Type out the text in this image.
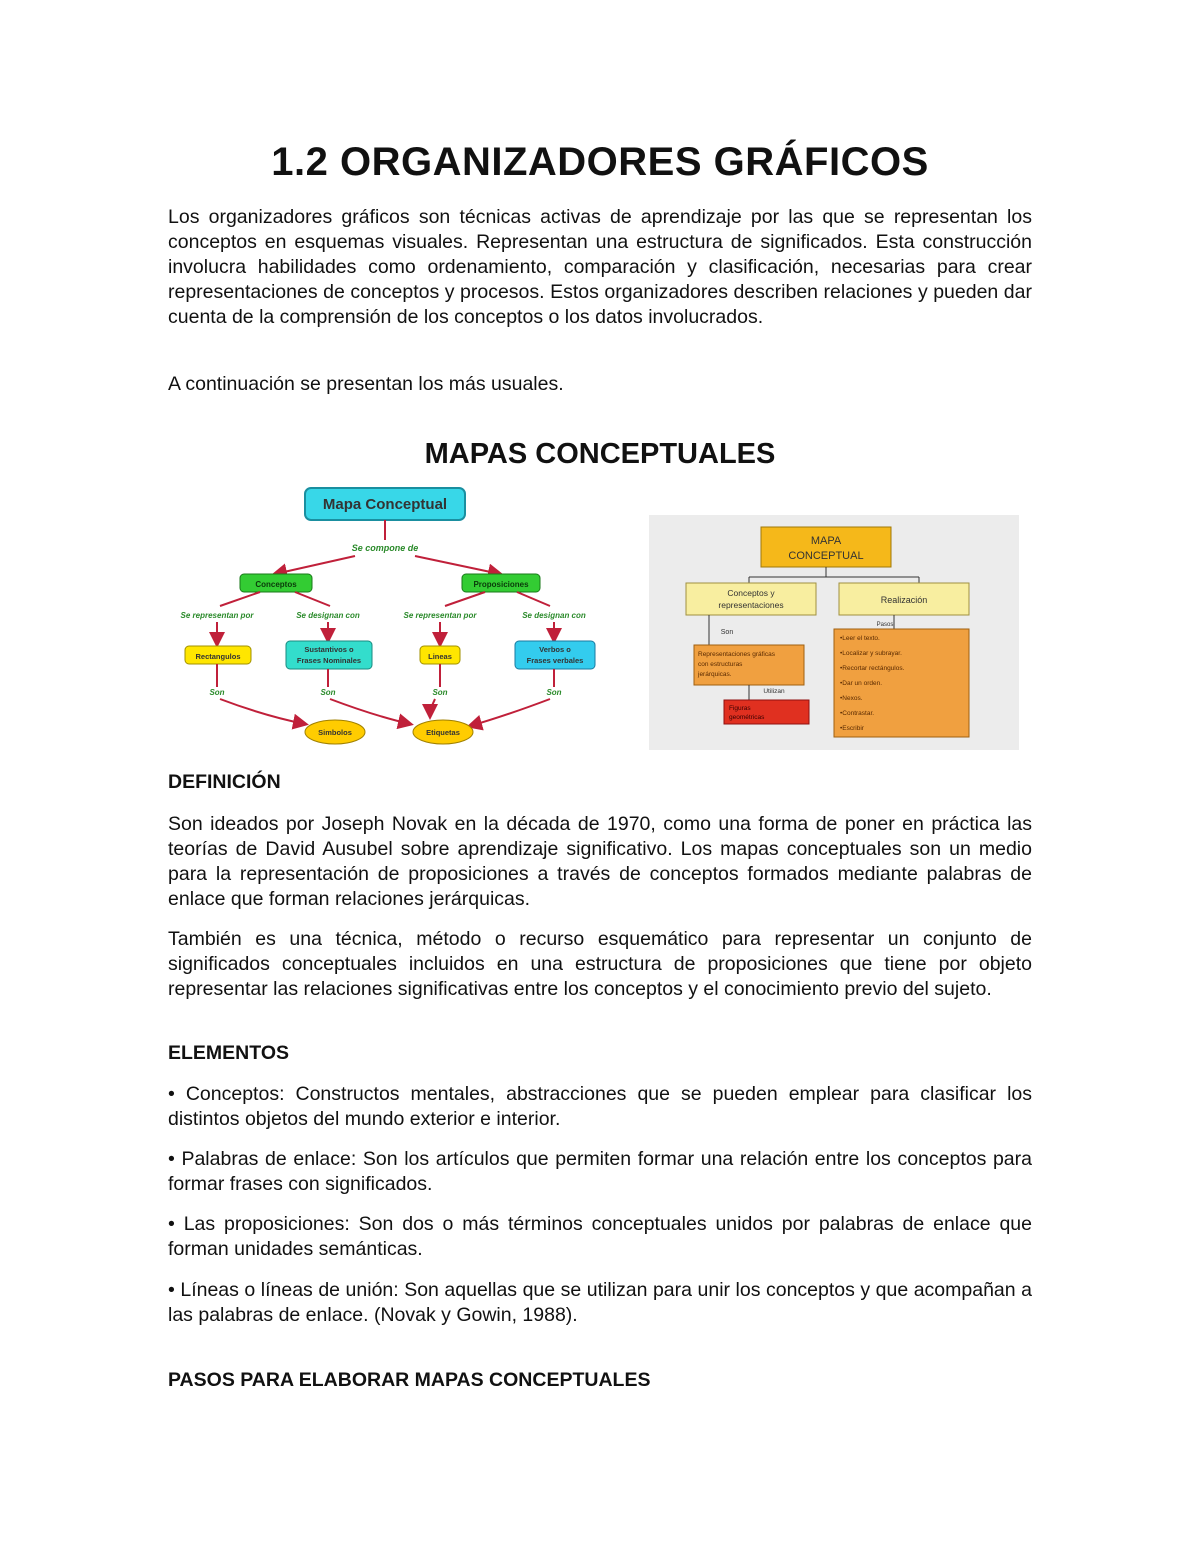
1.2 ORGANIZADORES GRÁFICOS

Los organizadores gráficos son técnicas activas de aprendizaje por las que se representan los conceptos en esquemas visuales. Representan una estructura de significados. Esta construcción involucra habilidades como ordenamiento, comparación y clasificación, necesarias para crear representaciones de conceptos y procesos. Estos organizadores describen relaciones y pueden dar cuenta de la comprensión de los conceptos o los datos involucrados.

A continuación se presentan los más usuales.

MAPAS CONCEPTUALES
Mapa Conceptual
Se compone de
Conceptos	Proposiciones
Se representan por	Se designan con	Se representan por	Se designan con
Rectangulos
Sustantivos o
Frases Nominales	Lineas
Verbos o
Frases verbales
Son	Son	Son	Son
Simbolos	Etiquetas
MAPA
CONCEPTUAL
Conceptos y
representaciones	Realización
Son
Pasos
Representaciones gráficas
con estructuras
jerárquicas.
Utilizan
Figuras
geométricas
•Leer el texto.
•Localizar y subrayar.
•Recortar rectángulos.
•Dar un orden.
•Nexos.
•Contrastar.
•Escribir
DEFINICIÓN

Son ideados por Joseph Novak en la década de 1970, como una forma de poner en práctica las teorías de David Ausubel sobre aprendizaje significativo. Los mapas conceptuales son un medio para la representación de proposiciones a través de conceptos formados mediante palabras de enlace que forman relaciones jerárquicas.

También es una técnica, método o recurso esquemático para representar un conjunto de significados conceptuales incluidos en una estructura de proposiciones que tiene por objeto representar las relaciones significativas entre los conceptos y el conocimiento previo del sujeto.

ELEMENTOS

• Conceptos: Constructos mentales, abstracciones que se pueden emplear para clasificar los distintos objetos del mundo exterior e interior.

• Palabras de enlace: Son los artículos que permiten formar una relación entre los conceptos para formar frases con significados.

• Las proposiciones: Son dos o más términos conceptuales unidos por palabras de enlace que forman unidades semánticas.

• Líneas o líneas de unión: Son aquellas que se utilizan para unir los conceptos y que acompañan a las palabras de enlace. (Novak y Gowin, 1988).

PASOS PARA ELABORAR MAPAS CONCEPTUALES
